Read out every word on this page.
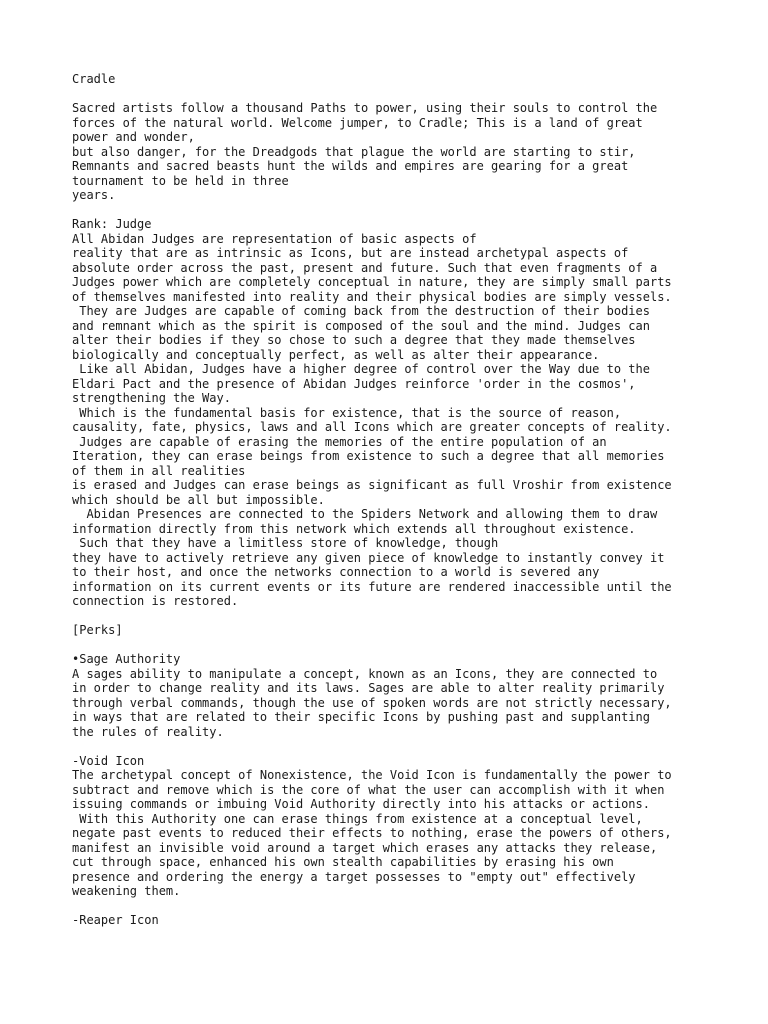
Cradle
Sacred artists follow a thousand Paths to power, using their souls to control the
forces of the natural world. Welcome jumper, to Cradle; This is a land of great
power and wonder,
but also danger, for the Dreadgods that plague the world are starting to stir,
Remnants and sacred beasts hunt the wilds and empires are gearing for a great
tournament to be held in three
years.
Rank: Judge
All Abidan Judges are representation of basic aspects of
reality that are as intrinsic as Icons, but are instead archetypal aspects of
absolute order across the past, present and future. Such that even fragments of a
Judges power which are completely conceptual in nature, they are simply small parts
of themselves manifested into reality and their physical bodies are simply vessels.
They are Judges are capable of coming back from the destruction of their bodies
and remnant which as the spirit is composed of the soul and the mind. Judges can
alter their bodies if they so chose to such a degree that they made themselves
biologically and conceptually perfect, as well as alter their appearance.
Like all Abidan, Judges have a higher degree of control over the Way due to the
Eldari Pact and the presence of Abidan Judges reinforce 'order in the cosmos',
strengthening the Way.
Which is the fundamental basis for existence, that is the source of reason,
causality, fate, physics, laws and all Icons which are greater concepts of reality.
Judges are capable of erasing the memories of the entire population of an
Iteration, they can erase beings from existence to such a degree that all memories
of them in all realities
is erased and Judges can erase beings as significant as full Vroshir from existence
which should be all but impossible.
Abidan Presences are connected to the Spiders Network and allowing them to draw
information directly from this network which extends all throughout existence.
Such that they have a limitless store of knowledge, though
they have to actively retrieve any given piece of knowledge to instantly convey it
to their host, and once the networks connection to a world is severed any
information on its current events or its future are rendered inaccessible until the
connection is restored.
[Perks]
•Sage Authority
A sages ability to manipulate a concept, known as an Icons, they are connected to
in order to change reality and its laws. Sages are able to alter reality primarily
through verbal commands, though the use of spoken words are not strictly necessary,
in ways that are related to their specific Icons by pushing past and supplanting
the rules of reality.
-Void Icon
The archetypal concept of Nonexistence, the Void Icon is fundamentally the power to
subtract and remove which is the core of what the user can accomplish with it when
issuing commands or imbuing Void Authority directly into his attacks or actions.
With this Authority one can erase things from existence at a conceptual level,
negate past events to reduced their effects to nothing, erase the powers of others,
manifest an invisible void around a target which erases any attacks they release,
cut through space, enhanced his own stealth capabilities by erasing his own
presence and ordering the energy a target possesses to "empty out" effectively
weakening them.
-Reaper Icon
